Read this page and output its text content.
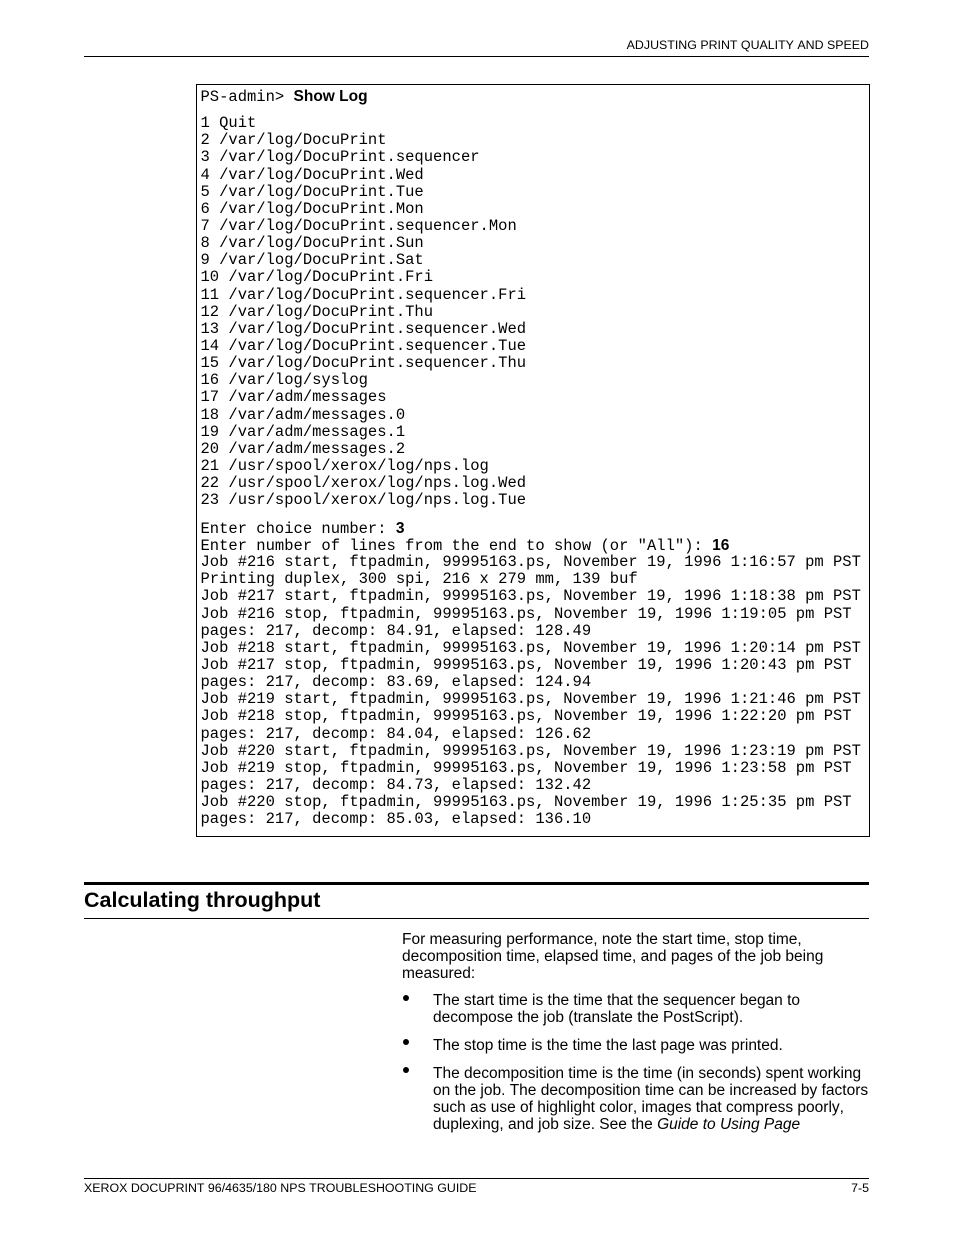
ADJUSTING PRINT QUALITY AND SPEED
PS-admin> Show Log
1 Quit
2 /var/log/DocuPrint
3 /var/log/DocuPrint.sequencer
4 /var/log/DocuPrint.Wed
5 /var/log/DocuPrint.Tue
6 /var/log/DocuPrint.Mon
7 /var/log/DocuPrint.sequencer.Mon
8 /var/log/DocuPrint.Sun
9 /var/log/DocuPrint.Sat
10 /var/log/DocuPrint.Fri
11 /var/log/DocuPrint.sequencer.Fri
12 /var/log/DocuPrint.Thu
13 /var/log/DocuPrint.sequencer.Wed
14 /var/log/DocuPrint.sequencer.Tue
15 /var/log/DocuPrint.sequencer.Thu
16 /var/log/syslog
17 /var/adm/messages
18 /var/adm/messages.0
19 /var/adm/messages.1
20 /var/adm/messages.2
21 /usr/spool/xerox/log/nps.log
22 /usr/spool/xerox/log/nps.log.Wed
23 /usr/spool/xerox/log/nps.log.Tue
Enter choice number: 3
Enter number of lines from the end to show (or "All"): 16
Job #216 start, ftpadmin, 99995163.ps, November 19, 1996 1:16:57 pm PST
Printing duplex, 300 spi, 216 x 279 mm, 139 buf
Job #217 start, ftpadmin, 99995163.ps, November 19, 1996 1:18:38 pm PST
Job #216 stop, ftpadmin, 99995163.ps, November 19, 1996 1:19:05 pm PST
pages: 217, decomp: 84.91, elapsed: 128.49
Job #218 start, ftpadmin, 99995163.ps, November 19, 1996 1:20:14 pm PST
Job #217 stop, ftpadmin, 99995163.ps, November 19, 1996 1:20:43 pm PST
pages: 217, decomp: 83.69, elapsed: 124.94
Job #219 start, ftpadmin, 99995163.ps, November 19, 1996 1:21:46 pm PST
Job #218 stop, ftpadmin, 99995163.ps, November 19, 1996 1:22:20 pm PST
pages: 217, decomp: 84.04, elapsed: 126.62
Job #220 start, ftpadmin, 99995163.ps, November 19, 1996 1:23:19 pm PST
Job #219 stop, ftpadmin, 99995163.ps, November 19, 1996 1:23:58 pm PST
pages: 217, decomp: 84.73, elapsed: 132.42
Job #220 stop, ftpadmin, 99995163.ps, November 19, 1996 1:25:35 pm PST
pages: 217, decomp: 85.03, elapsed: 136.10
Calculating throughput

For measuring performance, note the start time, stop time, decomposition time, elapsed time, and pages of the job being measured:

The start time is the time that the sequencer began to decompose the job (translate the PostScript).
The stop time is the time the last page was printed.
The decomposition time is the time (in seconds) spent working on the job. The decomposition time can be increased by factors such as use of highlight color, images that compress poorly, duplexing, and job size. See the Guide to Using Page
XEROX DOCUPRINT 96/4635/180 NPS TROUBLESHOOTING GUIDE	7-5
